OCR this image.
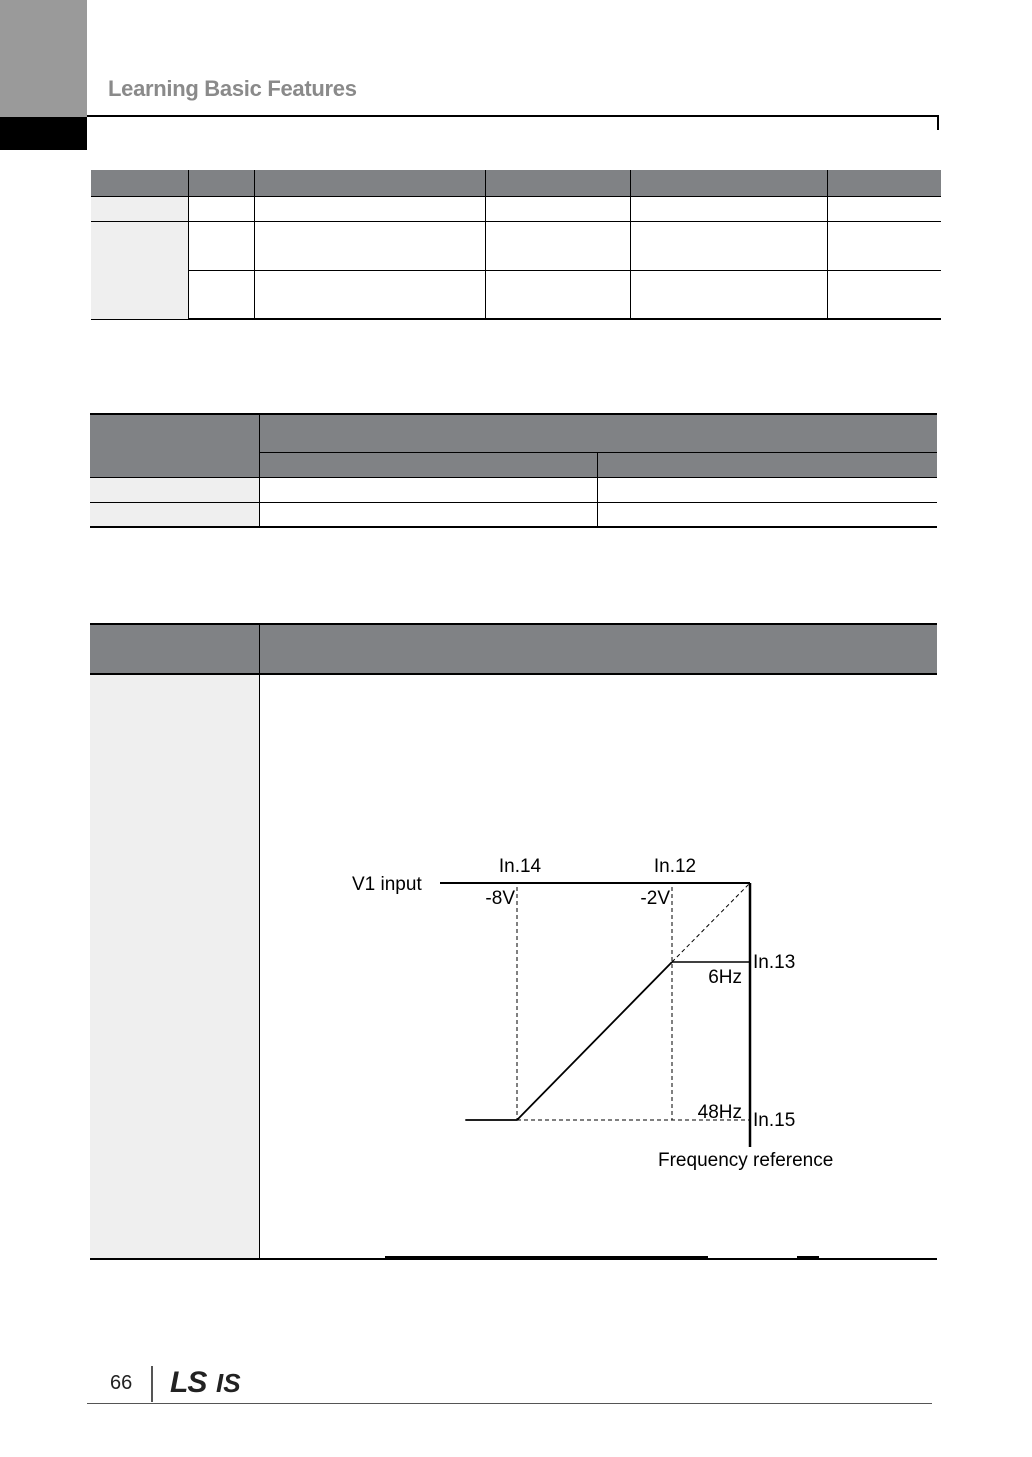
Learning Basic Features

V1 input
Frequency reference
In.14
-8V
In.12
-2V
In.13
6Hz
In.15
48Hz
66 LS IS
